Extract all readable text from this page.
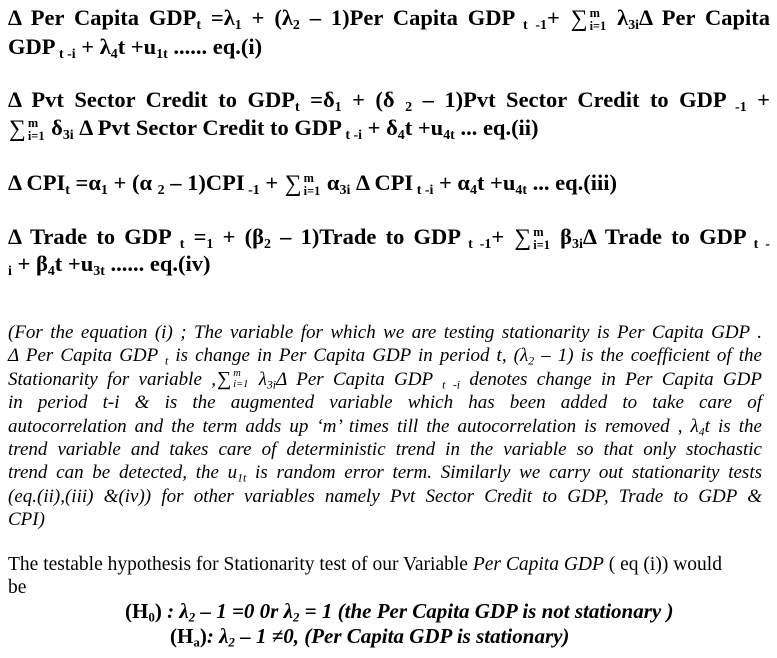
Δ Per Capita $GDP_t =\lambda_1 + (\lambda_2 - 1)Per$ Capita GDP $_{t -1}$+ ∑ m
i=1 $\lambda_{3i}\Delta$ Per Capita
GDP $_{t -i} + \lambda_4t +u_{1t}$ ...... eq.(i)
Δ Pvt Sector Credit to $GDP_t =\delta_1 + (\delta$ $_2$ – 1)Pvt Sector Credit to GDP $_{-1}$ +
∑ m
i=1 $\delta_{3i}$ Δ Pvt Sector Credit to GDP $_{t -i} + \delta_4t +u_{4t}$ ... eq.(ii)
Δ $CPI_t =\alpha_1 + (\alpha$ $_2$ – 1)CPI $_{-1}$ + ∑ m
i=1 $\alpha_{3i}$ Δ CPI $_{t -i} + \alpha_4t +u_{4t}$ ... eq.(iii)
Δ Trade to GDP $_t =_1 + (\beta_2$ – 1)Trade to GDP $_{t -1}$+ ∑ m
i=1 $\beta_{3i}\Delta$ Trade to GDP $_{t -}$
$_i + \beta_4t +u_{3t}$ ...... eq.(iv)
(For the equation (i) ; The variable for which we are testing stationarity is Per Capita GDP .
Δ Per Capita GDP $_t$ is change in Per Capita GDP in period t, $(\lambda_2 - 1)$ is the coefficient of the
Stationarity for variable , ∑ m
i=1 $\lambda_{3i}\Delta$ Per Capita GDP $_{t -i}$ denotes change in Per Capita GDP
in period t-i & is the augmented variable which has been added to take care of
autocorrelation and the term adds up ‘m’ times till the autocorrelation is removed , $\lambda_4t$ is the
trend variable and takes care of deterministic trend in the variable so that only stochastic
trend can be detected, the $u_{1t}$ is random error term. Similarly we carry out stationarity tests
(eq.(ii),(iii) &(iv)) for other variables namely Pvt Sector Credit to GDP, Trade to GDP &
CPI)
The testable hypothesis for Stationarity test of our Variable Per Capita GDP ( eq (i)) would
be
$(H_0)$ : $\lambda_2 - 1 =0$ 0r $\lambda_2 = 1$ (the Per Capita GDP is not stationary )
$(H_a)$: $\lambda_2 - 1 \ne 0$, (Per Capita GDP is stationary)
